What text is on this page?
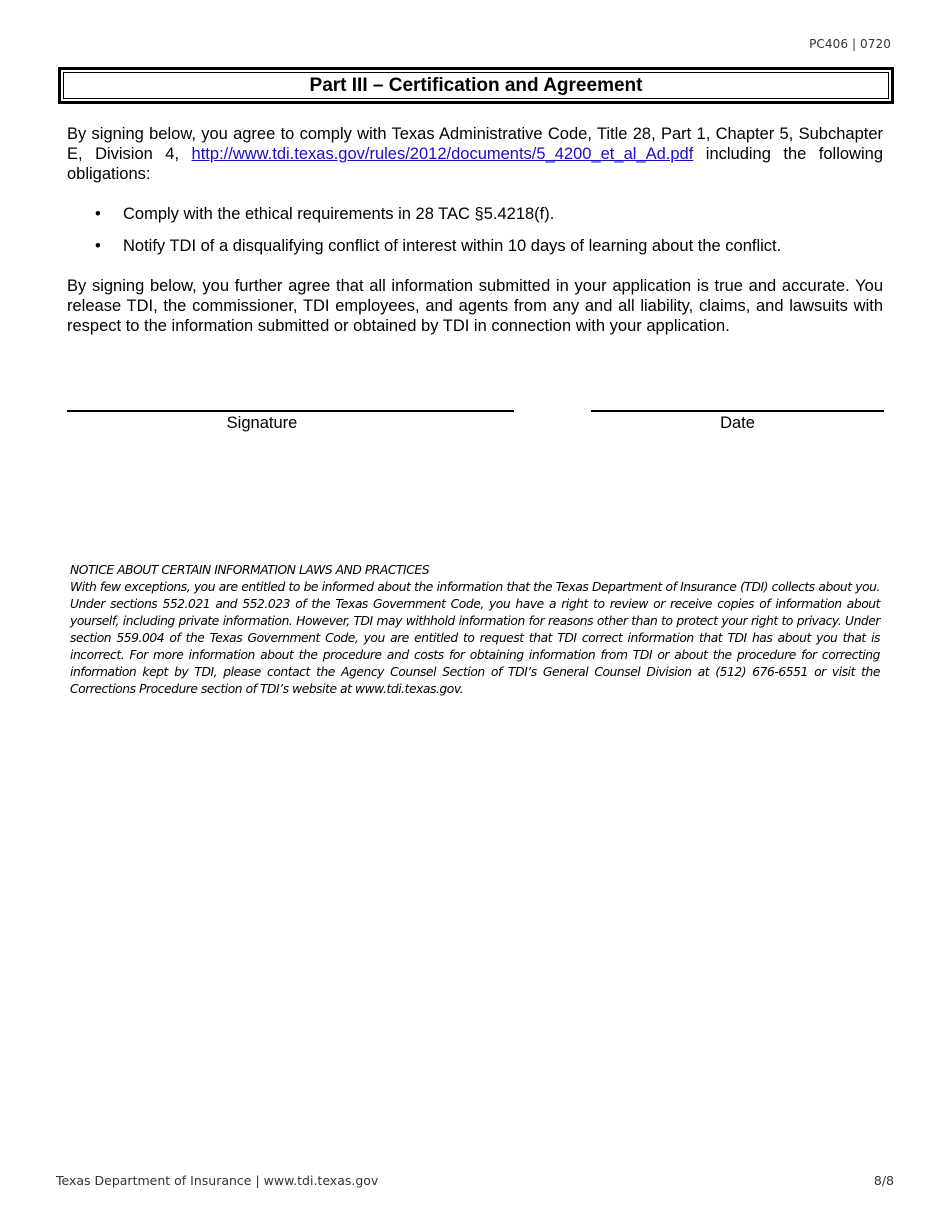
PC406 | 0720
Part III – Certification and Agreement
By signing below, you agree to comply with Texas Administrative Code, Title 28, Part 1, Chapter 5, Subchapter E, Division 4, http://www.tdi.texas.gov/rules/2012/documents/5_4200_et_al_Ad.pdf including the following obligations:
• Comply with the ethical requirements in 28 TAC §5.4218(f).
• Notify TDI of a disqualifying conflict of interest within 10 days of learning about the conflict.
By signing below, you further agree that all information submitted in your application is true and accurate. You release TDI, the commissioner, TDI employees, and agents from any and all liability, claims, and lawsuits with respect to the information submitted or obtained by TDI in connection with your application.
Signature	Date
NOTICE ABOUT CERTAIN INFORMATION LAWS AND PRACTICES
With few exceptions, you are entitled to be informed about the information that the Texas Department of Insurance (TDI) collects about you. Under sections 552.021 and 552.023 of the Texas Government Code, you have a right to review or receive copies of information about yourself, including private information. However, TDI may withhold information for reasons other than to protect your right to privacy. Under section 559.004 of the Texas Government Code, you are entitled to request that TDI correct information that TDI has about you that is incorrect. For more information about the procedure and costs for obtaining information from TDI or about the procedure for correcting information kept by TDI, please contact the Agency Counsel Section of TDI’s General Counsel Division at (512) 676-6551 or visit the Corrections Procedure section of TDI’s website at www.tdi.texas.gov.
Texas Department of Insurance | www.tdi.texas.gov	8/8
